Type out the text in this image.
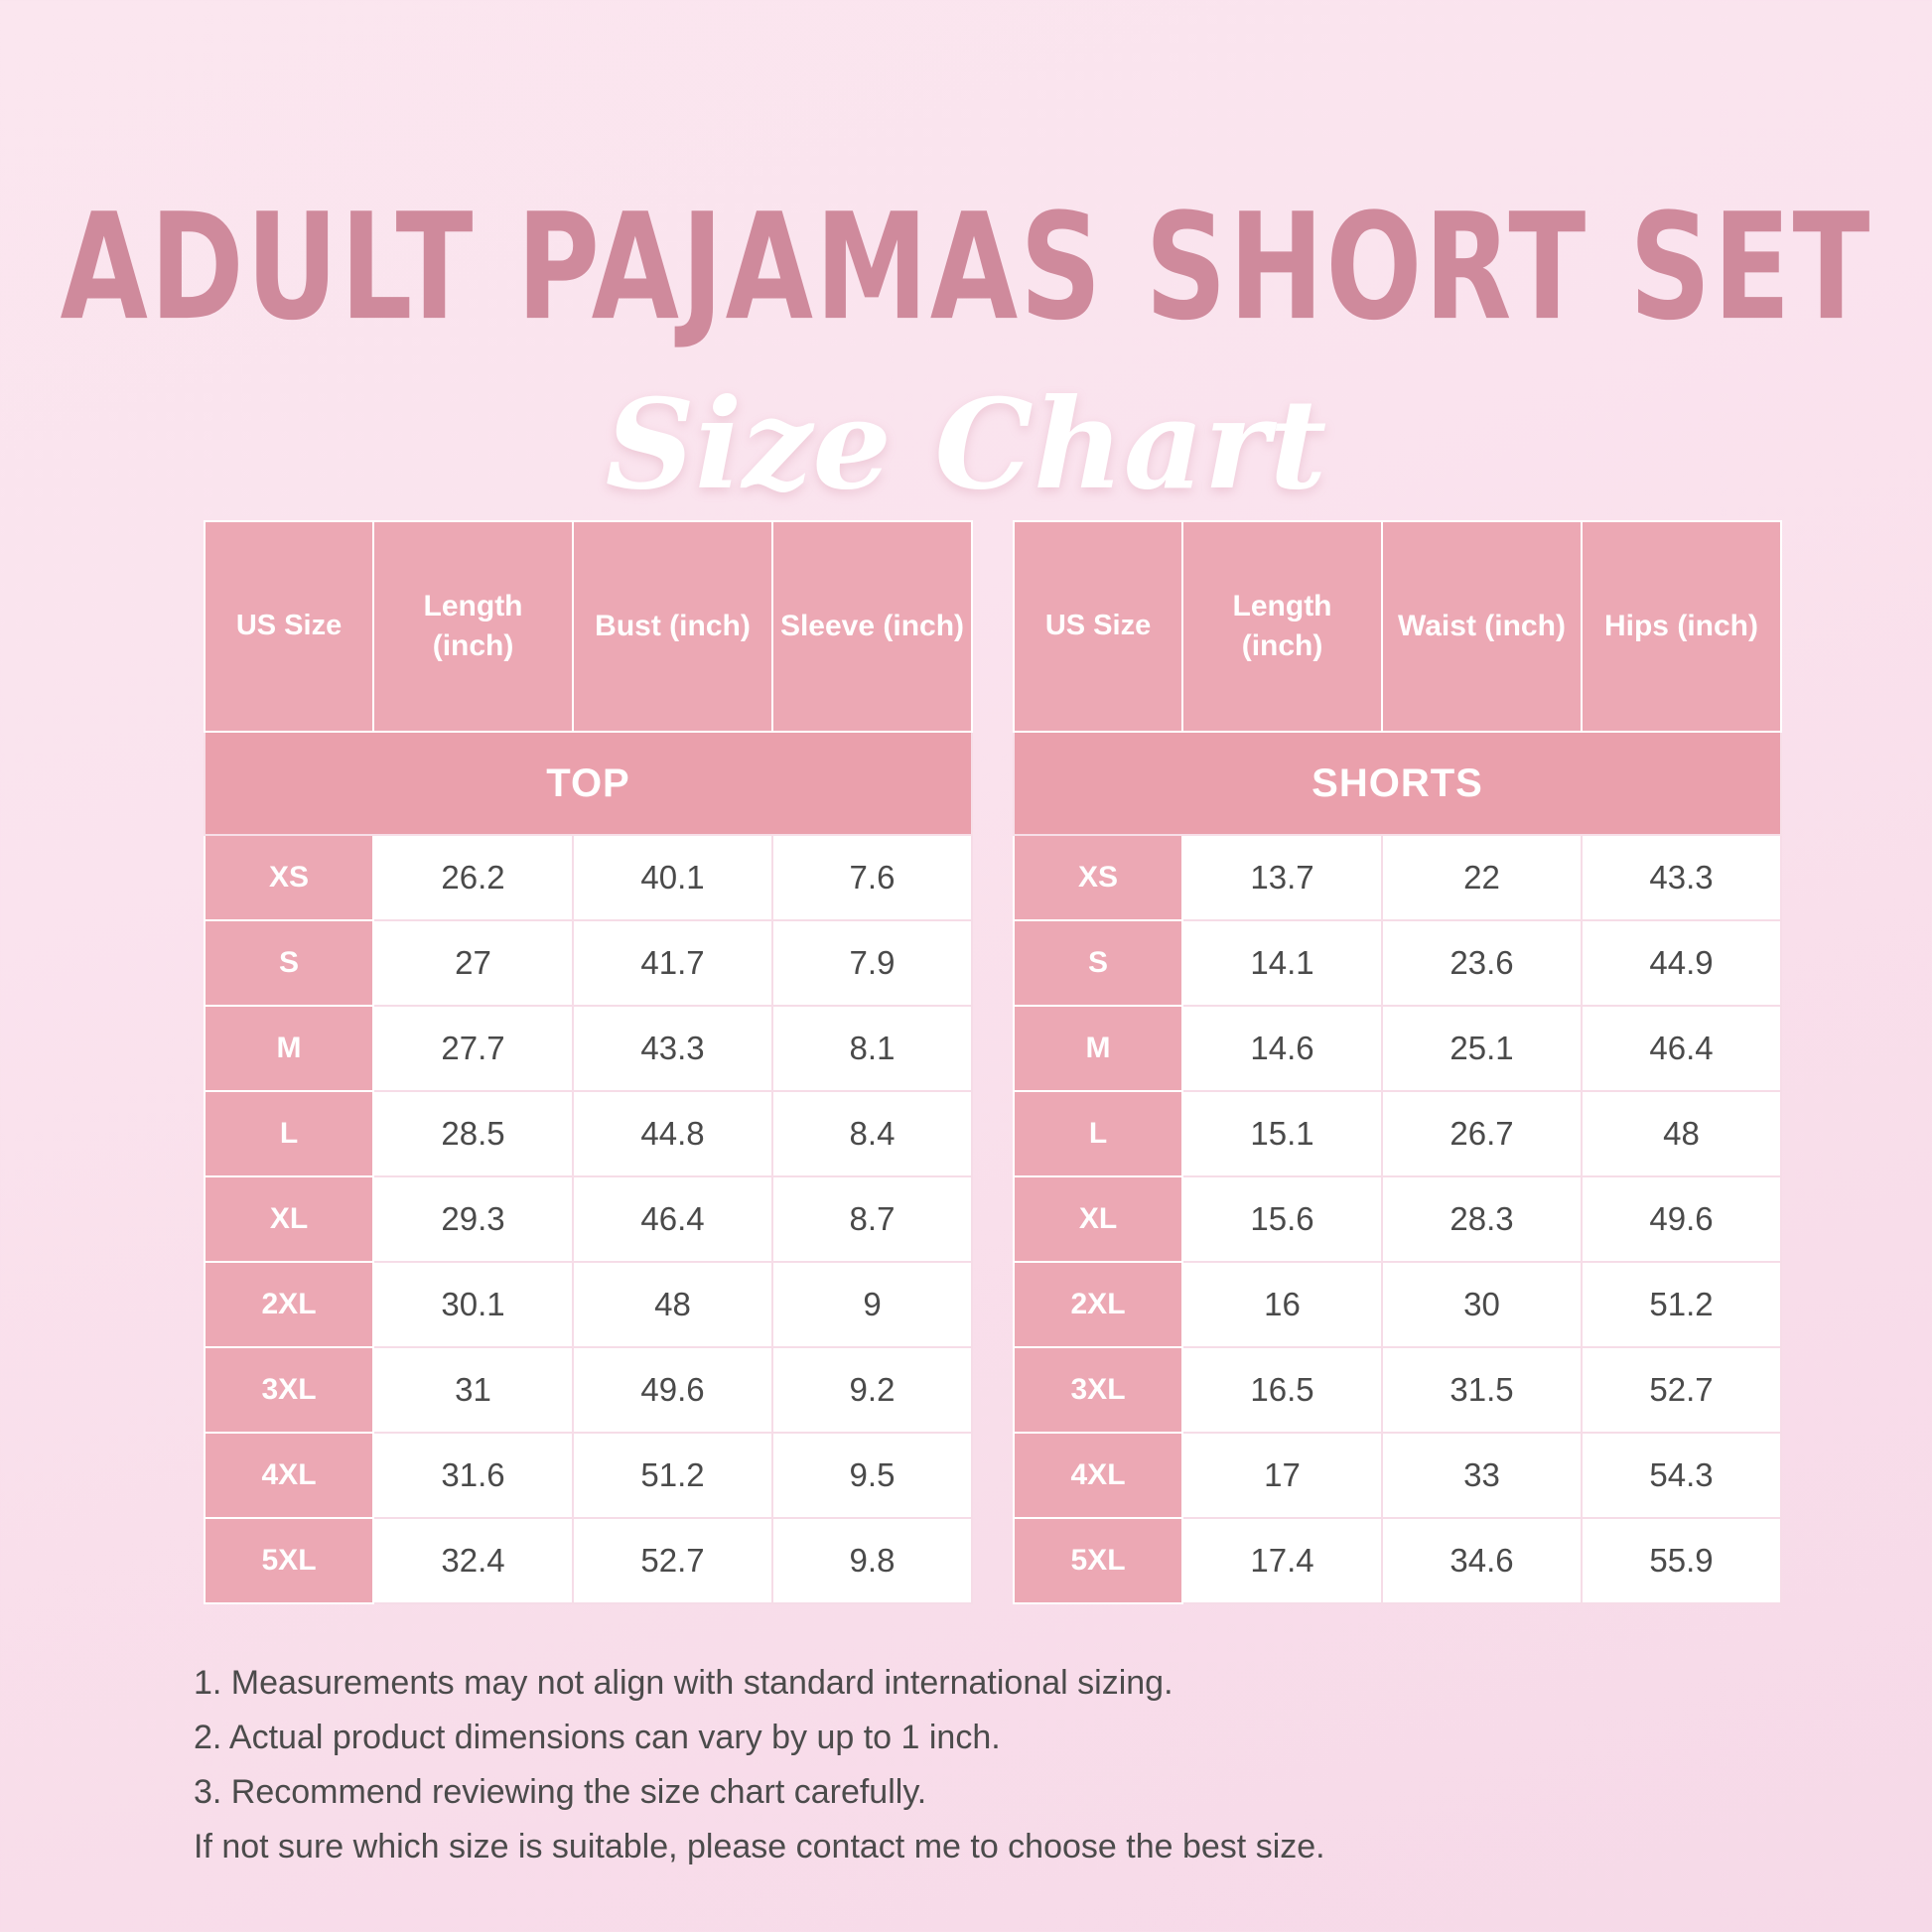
ADULT PAJAMAS SHORT SET
Size Chart
TOP			
US Size	Length (inch)	Bust (inch)	Sleeve (inch)
XS	26.2	40.1	7.6
S	27	41.7	7.9
M	27.7	43.3	8.1
L	28.5	44.8	8.4
XL	29.3	46.4	8.7
2XL	30.1	48	9
3XL	31	49.6	9.2
4XL	31.6	51.2	9.5
5XL	32.4	52.7	9.8
SHORTS			
US Size	Length (inch)	Waist (inch)	Hips (inch)
XS	13.7	22	43.3
S	14.1	23.6	44.9
M	14.6	25.1	46.4
L	15.1	26.7	48
XL	15.6	28.3	49.6
2XL	16	30	51.2
3XL	16.5	31.5	52.7
4XL	17	33	54.3
5XL	17.4	34.6	55.9
1. Measurements may not align with standard international sizing.
2. Actual product dimensions can vary by up to 1 inch.
3. Recommend reviewing the size chart carefully.
If not sure which size is suitable, please contact me to choose the best size.
